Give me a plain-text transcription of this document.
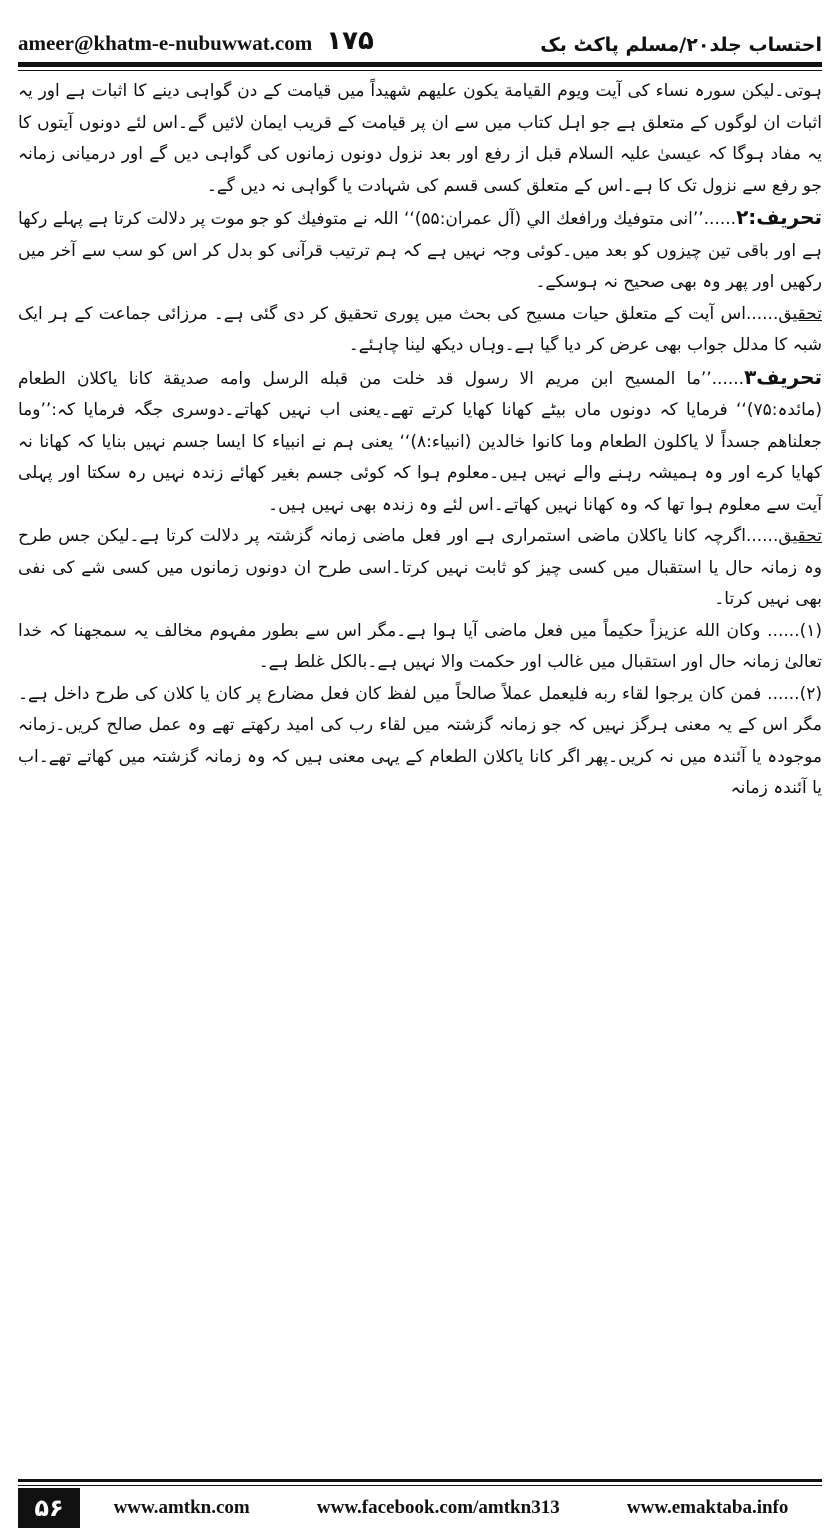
ameer@khatm-e-nubuwwat.com ۱۷۵	احتساب جلد۲۰/مسلم پاکٹ بک

ہوتی۔لیکن سورہ نساء کی آیت ویوم القیامة یکون علیهم شهیداً میں قیامت کے دن گواہی دینے کا اثبات ہے اور یہ اثبات ان لوگوں کے متعلق ہے جو اہل کتاب میں سے ان پر قیامت کے قریب ایمان لائیں گے۔اس لئے دونوں آیتوں کا یہ مفاد ہوگا کہ عیسیٰ علیہ السلام قبل از رفع اور بعد نزول دونوں زمانوں کی گواہی دیں گے اور درمیانی زمانہ جو رفع سے نزول تک کا ہے۔اس کے متعلق کسی قسم کی شہادت یا گواہی نہ دیں گے۔

تحریف:۲......’’انی متوفیك ورافعك الي (آل عمران:۵۵)‘‘ اللہ نے متوفیك کو جو موت پر دلالت کرتا ہے پہلے رکھا ہے اور باقی تین چیزوں کو بعد میں۔کوئی وجہ نہیں ہے کہ ہم ترتیب قرآنی کو بدل کر اس کو سب سے آخر میں رکھیں اور پھر وہ بھی صحیح نہ ہوسکے۔

تحقیق......اس آیت کے متعلق حیات مسیح کی بحث میں پوری تحقیق کر دی گئی ہے۔ مرزائی جماعت کے ہر ایک شبہ کا مدلل جواب بھی عرض کر دیا گیا ہے۔وہاں دیکھ لینا چاہئے۔

تحریف۳......’’ما المسیح ابن مریم الا رسول قد خلت من قبله الرسل وامه صدیقة کانا یاکلان الطعام (مائدہ:۷۵)‘‘ فرمایا کہ دونوں ماں بیٹے کھانا کھایا کرتے تھے۔یعنی اب نہیں کھاتے۔دوسری جگہ فرمایا کہ:’’وما جعلناهم جسداً لا یاکلون الطعام وما کانوا خالدین (انبیاء:۸)‘‘ یعنی ہم نے انبیاء کا ایسا جسم نہیں بنایا کہ کھانا نہ کھایا کرے اور وہ ہمیشہ رہنے والے نہیں ہیں۔معلوم ہوا کہ کوئی جسم بغیر کھائے زندہ نہیں رہ سکتا اور پہلی آیت سے معلوم ہوا تھا کہ وہ کھانا نہیں کھاتے۔اس لئے وہ زندہ بھی نہیں ہیں۔

تحقیق......اگرچہ کانا یاکلان ماضی استمراری ہے اور فعل ماضی زمانہ گزشتہ پر دلالت کرتا ہے۔لیکن جس طرح وہ زمانہ حال یا استقبال میں کسی چیز کو ثابت نہیں کرتا۔اسی طرح ان دونوں زمانوں میں کسی شے کی نفی بھی نہیں کرتا۔

(۱)...... وکان الله عزیزاً حکیماً میں فعل ماضی آیا ہوا ہے۔مگر اس سے بطور مفہوم مخالف یہ سمجھنا کہ خدا تعالیٰ زمانہ حال اور استقبال میں غالب اور حکمت والا نہیں ہے۔بالکل غلط ہے۔

(۲)...... فمن کان یرجوا لقاء ربه فلیعمل عملاً صالحاً میں لفظ کان فعل مضارع پر کان یا کلان کی طرح داخل ہے۔مگر اس کے یہ معنی ہرگز نہیں کہ جو زمانہ گزشتہ میں لقاء رب کی امید رکھتے تھے وہ عمل صالح کریں۔زمانہ موجودہ یا آئندہ میں نہ کریں۔پھر اگر کانا یاکلان الطعام کے یہی معنی ہیں کہ وہ زمانہ گزشتہ میں کھاتے تھے۔اب یا آئندہ زمانہ

۵۶	www.amtkn.com	www.facebook.com/amtkn313	www.emaktaba.info
